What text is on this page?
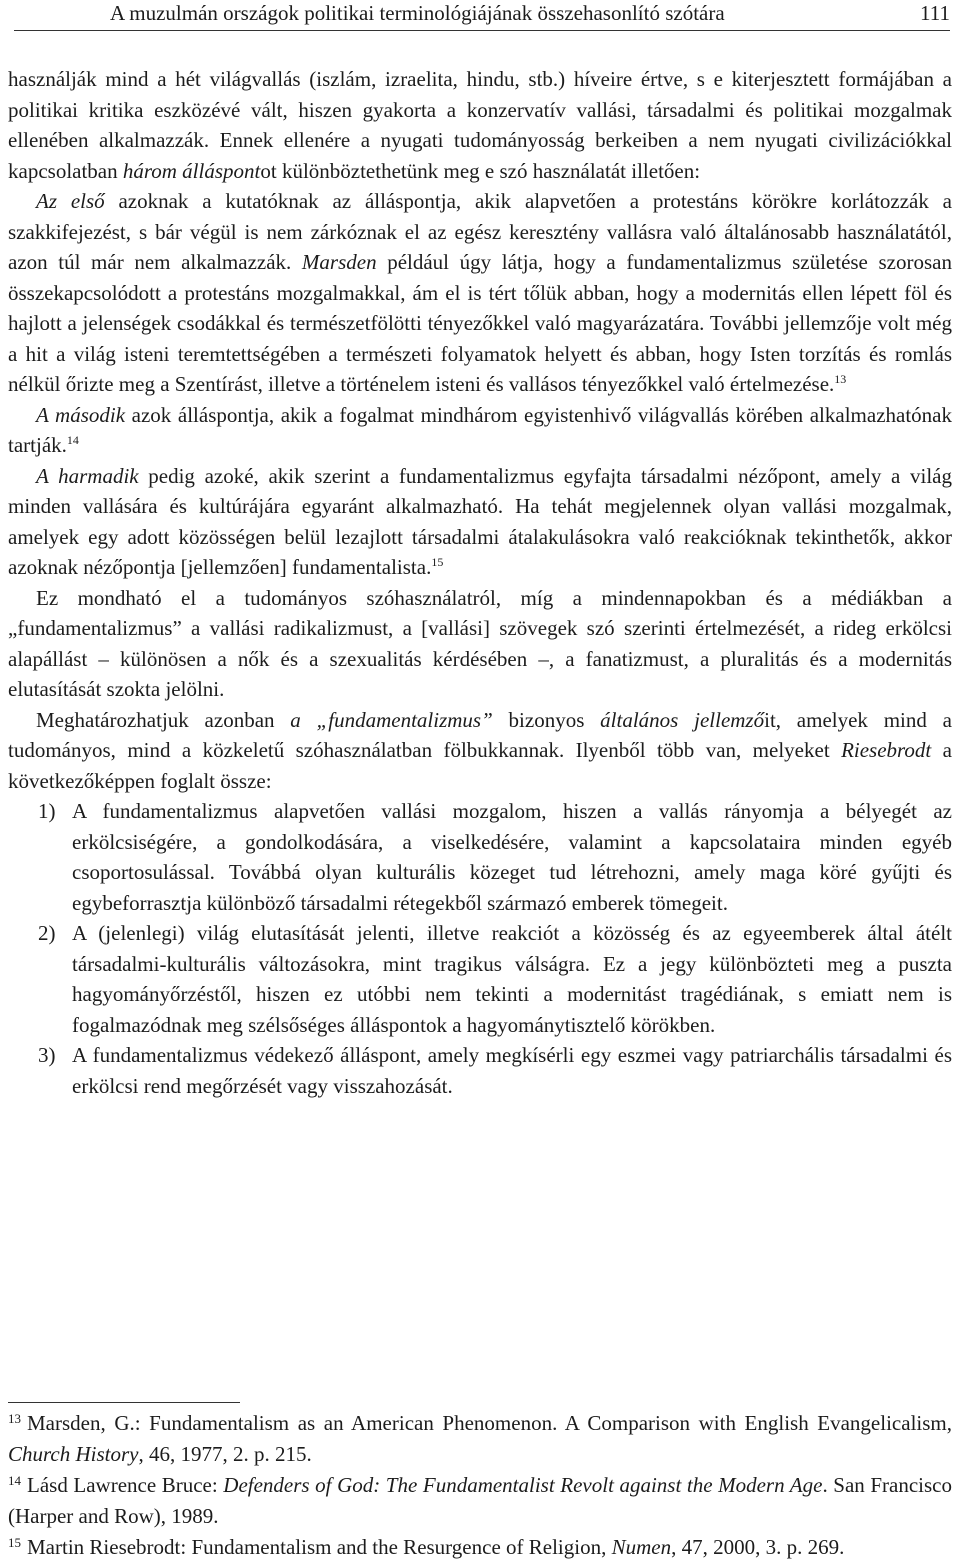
A muzulmán országok politikai terminológiájának összehasonlító szótára	111

használják mind a hét világvallás (iszlám, izraelita, hindu, stb.) híveire értve, s e kiterjesztett formájában a politikai kritika eszközévé vált, hiszen gyakorta a konzervatív vallási, társadalmi és politikai mozgalmak ellenében alkalmazzák. Ennek ellenére a nyugati tudományosság berkeiben a nem nyugati civilizációkkal kapcsolatban három álláspontot különböztethetünk meg e szó használatát illetően:

Az első azoknak a kutatóknak az álláspontja, akik alapvetően a protestáns körökre korlátozzák a szakkifejezést, s bár végül is nem zárkóznak el az egész keresztény vallásra való általánosabb használatától, azon túl már nem alkalmazzák. Marsden például úgy látja, hogy a fundamentalizmus születése szorosan összekapcsolódott a protestáns mozgalmakkal, ám el is tért tőlük abban, hogy a modernitás ellen lépett föl és hajlott a jelenségek csodákkal és természetfölötti tényezőkkel való magyarázatára. További jellemzője volt még a hit a világ isteni teremtettségében a természeti folyamatok helyett és abban, hogy Isten torzítás és romlás nélkül őrizte meg a Szentírást, illetve a történelem isteni és vallásos tényezőkkel való értelmezése.$^{13}$

A második azok álláspontja, akik a fogalmat mindhárom egyistenhivő világvallás körében alkalmazhatónak tartják.$^{14}$

A harmadik pedig azoké, akik szerint a fundamentalizmus egyfajta társadalmi nézőpont, amely a világ minden vallására és kultúrájára egyaránt alkalmazható. Ha tehát megjelennek olyan vallási mozgalmak, amelyek egy adott közösségen belül lezajlott társadalmi átalakulásokra való reakcióknak tekinthetők, akkor azoknak nézőpontja [jellemzően] fundamentalista.$^{15}$

Ez mondható el a tudományos szóhasználatról, míg a mindennapokban és a médiákban a „fundamentalizmus” a vallási radikalizmust, a [vallási] szövegek szó szerinti értelmezését, a rideg erkölcsi alapállást – különösen a nők és a szexualitás kérdésében –, a fanatizmust, a pluralitás és a modernitás elutasítását szokta jelölni.

Meghatározhatjuk azonban a „fundamentalizmus” bizonyos általános jellemzőit, amelyek mind a tudományos, mind a közkeletű szóhasználatban fölbukkannak. Ilyenből több van, melyeket Riesebrodt a következőképpen foglalt össze:

1) A fundamentalizmus alapvetően vallási mozgalom, hiszen a vallás rányomja a bélyegét az erkölcsiségére, a gondolkodására, a viselkedésére, valamint a kapcsolataira minden egyéb csoportosulással. Továbbá olyan kulturális közeget tud létrehozni, amely maga köré gyűjti és egybeforrasztja különböző társadalmi rétegekből származó emberek tömegeit.
2) A (jelenlegi) világ elutasítását jelenti, illetve reakciót a közösség és az egyeemberek által átélt társadalmi-kulturális változásokra, mint tragikus válságra. Ez a jegy különbözteti meg a puszta hagyományőrzéstől, hiszen ez utóbbi nem tekinti a modernitást tragédiának, s emiatt nem is fogalmazódnak meg szélsőséges álláspontok a hagyománytisztelő körökben.
3) A fundamentalizmus védekező álláspont, amely megkísérli egy eszmei vagy patriarchális társadalmi és erkölcsi rend megőrzését vagy visszahozását.

$^{13}$ Marsden, G.: Fundamentalism as an American Phenomenon. A Comparison with English Evangelicalism, Church History, 46, 1977, 2. p. 215.

$^{14}$ Lásd Lawrence Bruce: Defenders of God: The Fundamentalist Revolt against the Modern Age. San Francisco (Harper and Row), 1989.

$^{15}$ Martin Riesebrodt: Fundamentalism and the Resurgence of Religion, Numen, 47, 2000, 3. p. 269.
